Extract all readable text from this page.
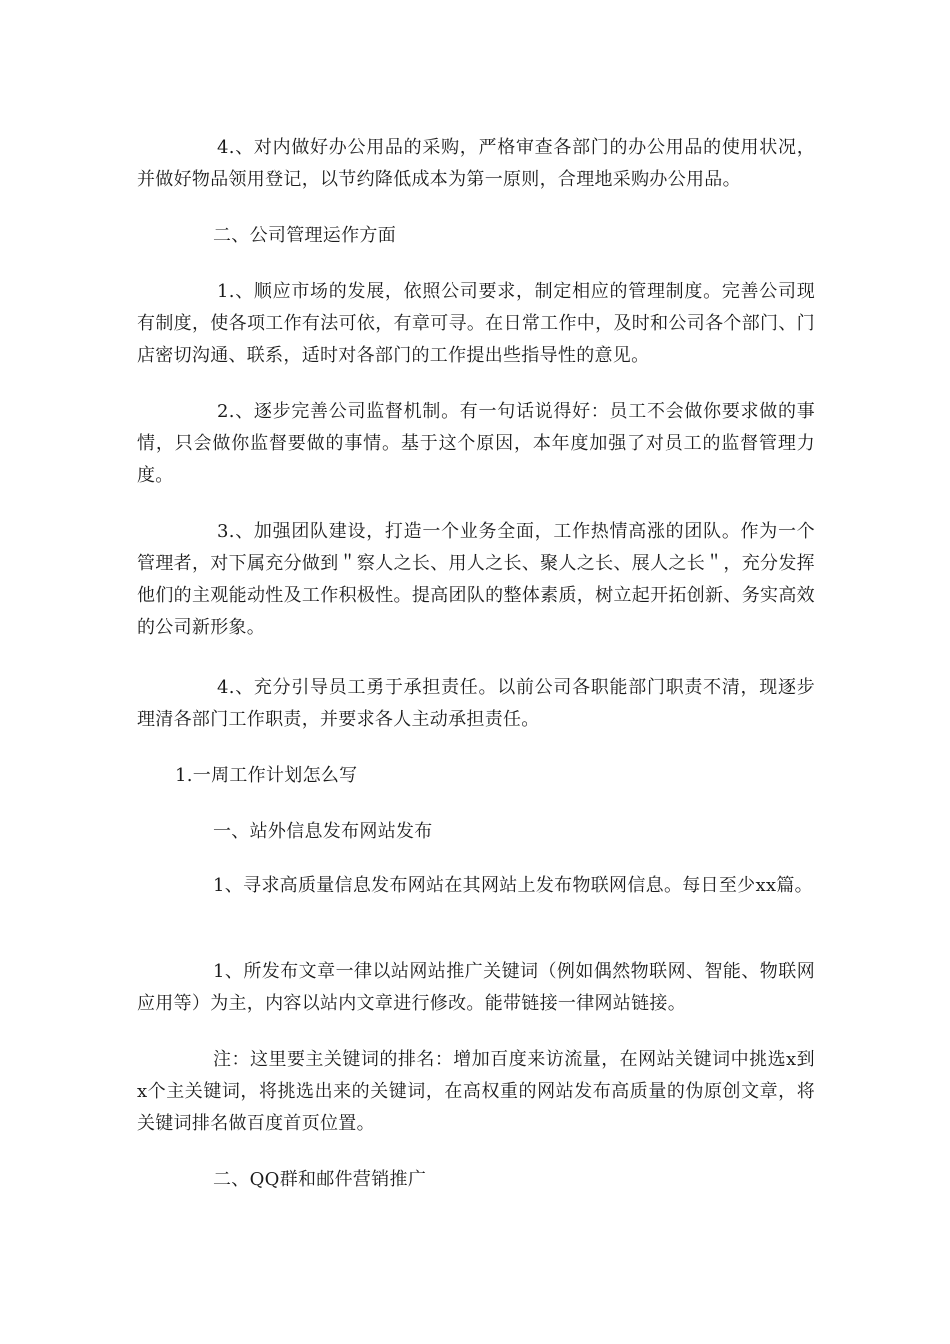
4.、对内做好办公用品的采购，严格审查各部门的办公用品的使用状况，并做好物品领用登记，以节约降低成本为第一原则，合理地采购办公用品。

二、公司管理运作方面

1.、顺应市场的发展，依照公司要求，制定相应的管理制度。完善公司现有制度，使各项工作有法可依，有章可寻。在日常工作中，及时和公司各个部门、门店密切沟通、联系，适时对各部门的工作提出些指导性的意见。

2.、逐步完善公司监督机制。有一句话说得好：员工不会做你要求做的事情，只会做你监督要做的事情。基于这个原因，本年度加强了对员工的监督管理力度。

3.、加强团队建设，打造一个业务全面，工作热情高涨的团队。作为一个管理者，对下属充分做到＂察人之长、用人之长、聚人之长、展人之长＂，充分发挥他们的主观能动性及工作积极性。提高团队的整体素质，树立起开拓创新、务实高效的公司新形象。

4.、充分引导员工勇于承担责任。以前公司各职能部门职责不清，现逐步理清各部门工作职责，并要求各人主动承担责任。

1.一周工作计划怎么写

一、站外信息发布网站发布

1、寻求高质量信息发布网站在其网站上发布物联网信息。每日至少xx篇。

1、所发布文章一律以站网站推广关键词（例如偶然物联网、智能、物联网应用等）为主，内容以站内文章进行修改。能带链接一律网站链接。

注：这里要主关键词的排名：增加百度来访流量，在网站关键词中挑选x到x个主关键词，将挑选出来的关键词，在高权重的网站发布高质量的伪原创文章，将关键词排名做百度首页位置。

二、QQ群和邮件营销推广
